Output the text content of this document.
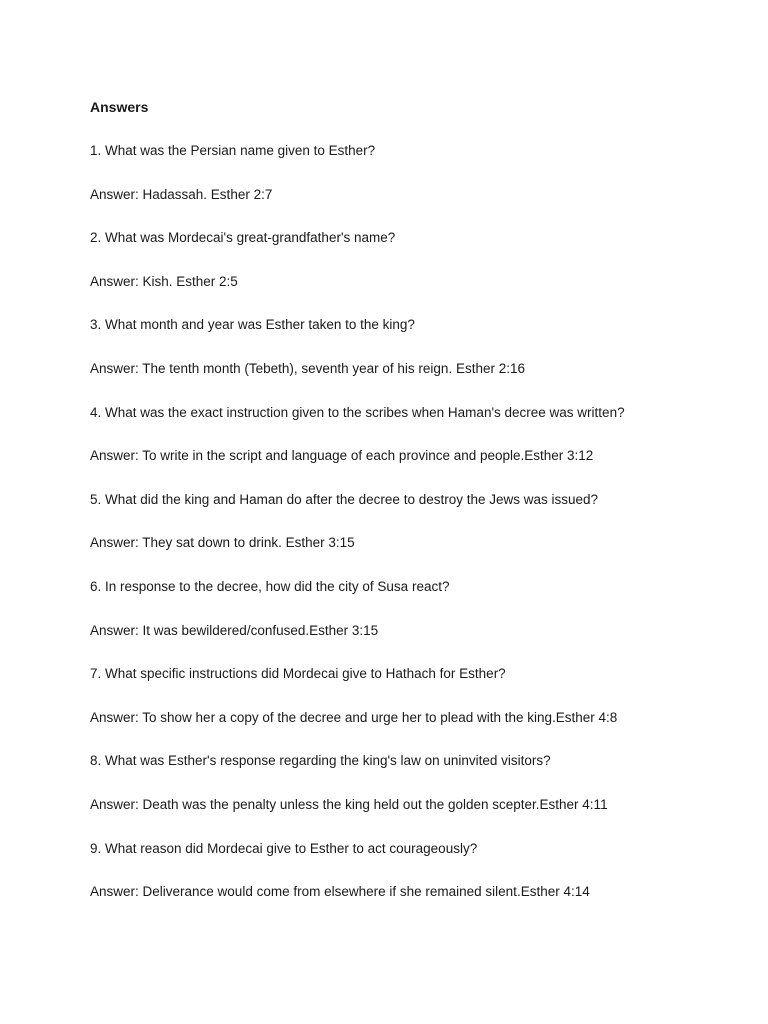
Answers
1. What was the Persian name given to Esther?
Answer: Hadassah. Esther 2:7
2. What was Mordecai's great-grandfather's name?
Answer: Kish. Esther 2:5
3. What month and year was Esther taken to the king?
Answer: The tenth month (Tebeth), seventh year of his reign. Esther 2:16
4. What was the exact instruction given to the scribes when Haman's decree was written?
Answer: To write in the script and language of each province and people.Esther 3:12
5. What did the king and Haman do after the decree to destroy the Jews was issued?
Answer: They sat down to drink. Esther 3:15
6. In response to the decree, how did the city of Susa react?
Answer: It was bewildered/confused.Esther 3:15
7. What specific instructions did Mordecai give to Hathach for Esther?
Answer: To show her a copy of the decree and urge her to plead with the king.Esther 4:8
8. What was Esther's response regarding the king's law on uninvited visitors?
Answer: Death was the penalty unless the king held out the golden scepter.Esther 4:11
9. What reason did Mordecai give to Esther to act courageously?
Answer: Deliverance would come from elsewhere if she remained silent.Esther 4:14
